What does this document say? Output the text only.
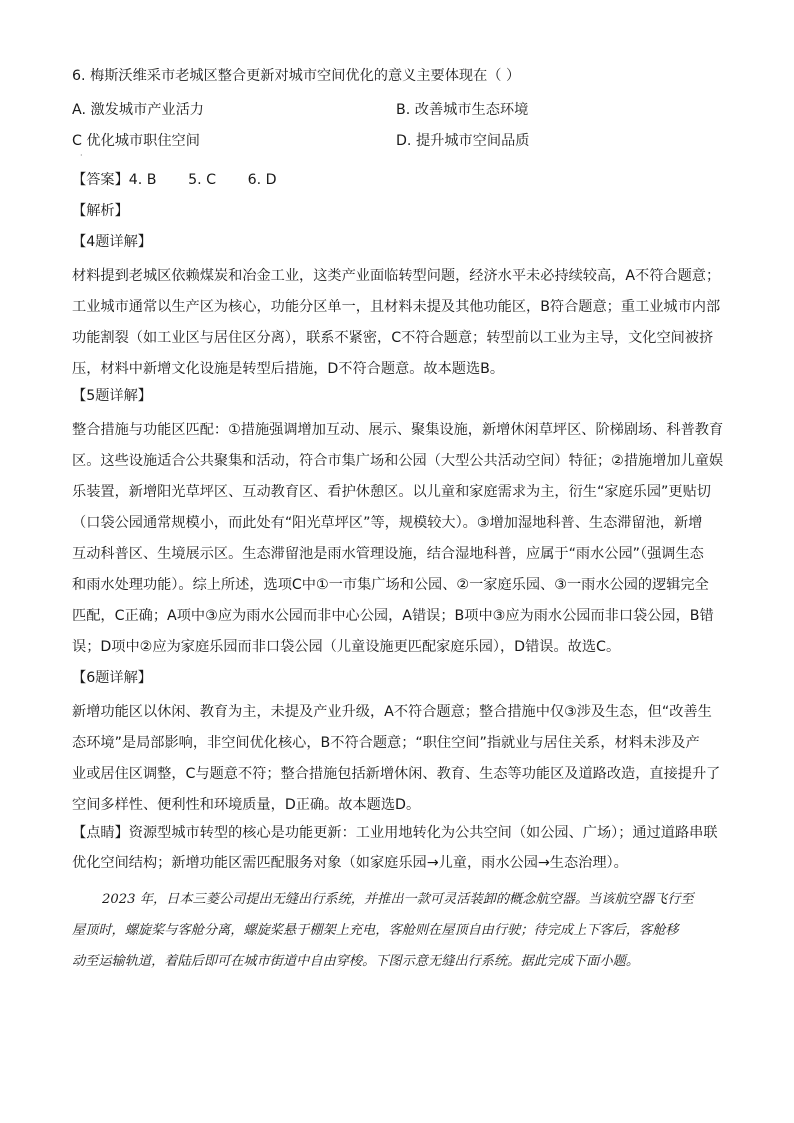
6. 梅斯沃维采市老城区整合更新对城市空间优化的意义主要体现在（ ）
A. 激发城市产业活力	B. 改善城市生态环境
C 优化城市职住空间	D. 提升城市空间品质
·
【答案】4. B       5. C       6. D
【解析】
【4题详解】
材料提到老城区依赖煤炭和冶金工业，这类产业面临转型问题，经济水平未必持续较高，A不符合题意；
工业城市通常以生产区为核心，功能分区单一，且材料未提及其他功能区，B符合题意；重工业城市内部
功能割裂（如工业区与居住区分离），联系不紧密，C不符合题意；转型前以工业为主导，文化空间被挤
压，材料中新增文化设施是转型后措施，D不符合题意。故本题选B。
【5题详解】
整合措施与功能区匹配：①措施强调增加互动、展示、聚集设施，新增休闲草坪区、阶梯剧场、科普教育
区。这些设施适合公共聚集和活动，符合市集广场和公园（大型公共活动空间）特征；②措施增加儿童娱
乐装置，新增阳光草坪区、互动教育区、看护休憩区。以儿童和家庭需求为主，衍生“家庭乐园”更贴切
（口袋公园通常规模小，而此处有“阳光草坪区”等，规模较大）。③增加湿地科普、生态滞留池，新增
互动科普区、生境展示区。生态滞留池是雨水管理设施，结合湿地科普，应属于“雨水公园”（强调生态
和雨水处理功能）。综上所述，选项C中①一市集广场和公园、②一家庭乐园、③一雨水公园的逻辑完全
匹配，C正确；A项中③应为雨水公园而非中心公园，A错误；B项中③应为雨水公园而非口袋公园，B错
误；D项中②应为家庭乐园而非口袋公园（儿童设施更匹配家庭乐园），D错误。故选C。
【6题详解】
新增功能区以休闲、教育为主，未提及产业升级，A不符合题意；整合措施中仅③涉及生态，但“改善生
态环境”是局部影响，非空间优化核心，B不符合题意；“职住空间”指就业与居住关系，材料未涉及产
业或居住区调整，C与题意不符；整合措施包括新增休闲、教育、生态等功能区及道路改造，直接提升了
空间多样性、便利性和环境质量，D正确。故本题选D。
【点睛】资源型城市转型的核心是功能更新：工业用地转化为公共空间（如公园、广场）；通过道路串联
优化空间结构；新增功能区需匹配服务对象（如家庭乐园→儿童，雨水公园→生态治理）。
2023 年，日本三菱公司提出无缝出行系统，并推出一款可灵活装卸的概念航空器。当该航空器飞行至
屋顶时，螺旋桨与客舱分离，螺旋桨悬于棚架上充电，客舱则在屋顶自由行驶；待完成上下客后，客舱移
动至运输轨道，着陆后即可在城市街道中自由穿梭。下图示意无缝出行系统。据此完成下面小题。
